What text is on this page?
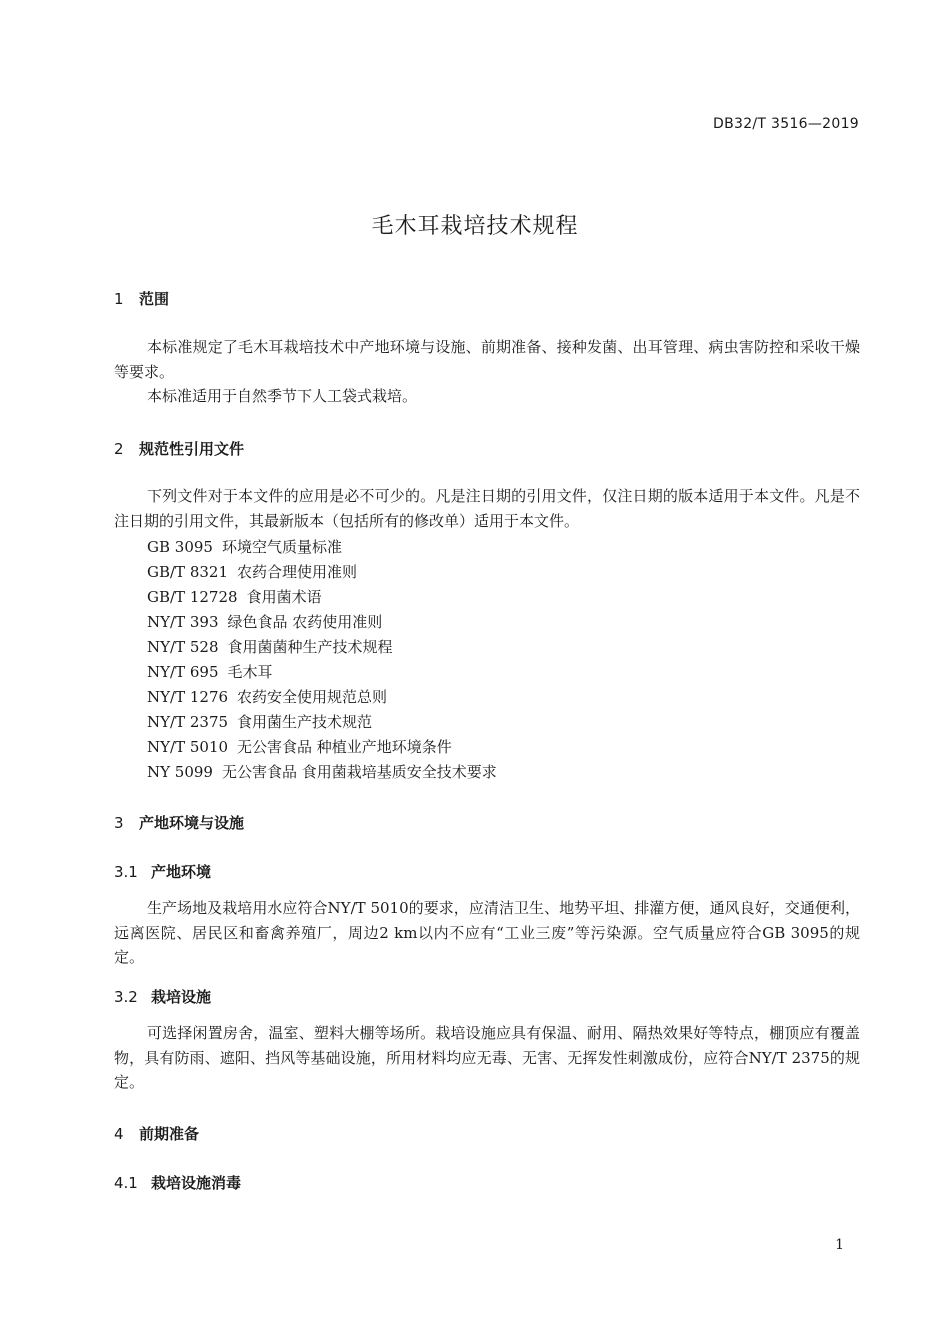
DB32/T 3516—2019
毛木耳栽培技术规程
1 范围
本标准规定了毛木耳栽培技术中产地环境与设施、前期准备、接种发菌、出耳管理、病虫害防控和采收干燥等要求。
本标准适用于自然季节下人工袋式栽培。
2 规范性引用文件
下列文件对于本文件的应用是必不可少的。凡是注日期的引用文件，仅注日期的版本适用于本文件。凡是不注日期的引用文件，其最新版本（包括所有的修改单）适用于本文件。
GB 3095 环境空气质量标准
GB/T 8321 农药合理使用准则
GB/T 12728 食用菌术语
NY/T 393 绿色食品 农药使用准则
NY/T 528 食用菌菌种生产技术规程
NY/T 695 毛木耳
NY/T 1276 农药安全使用规范总则
NY/T 2375 食用菌生产技术规范
NY/T 5010 无公害食品 种植业产地环境条件
NY 5099 无公害食品 食用菌栽培基质安全技术要求
3 产地环境与设施
3.1 产地环境
生产场地及栽培用水应符合NY/T 5010的要求，应清洁卫生、地势平坦、排灌方便，通风良好，交通便利，远离医院、居民区和畜禽养殖厂，周边2 km以内不应有“工业三废”等污染源。空气质量应符合GB 3095的规定。
3.2 栽培设施
可选择闲置房舍，温室、塑料大棚等场所。栽培设施应具有保温、耐用、隔热效果好等特点，棚顶应有覆盖物，具有防雨、遮阳、挡风等基础设施，所用材料均应无毒、无害、无挥发性刺激成份，应符合NY/T 2375的规定。
4 前期准备
4.1 栽培设施消毒
1
